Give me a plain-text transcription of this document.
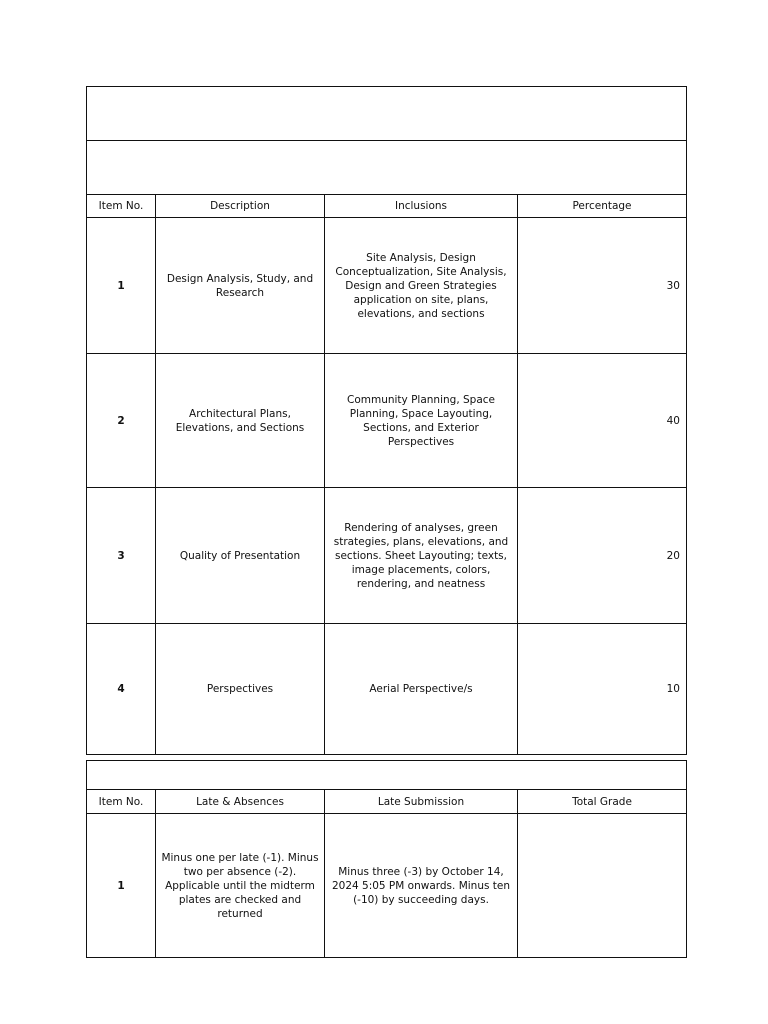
Item No.	Description	Inclusions	Percentage
1	Design Analysis, Study, and Research	Site Analysis, Design Conceptualization, Site Analysis, Design and Green Strategies application on site, plans, elevations, and sections	30
2	Architectural Plans, Elevations, and Sections	Community Planning, Space Planning, Space Layouting, Sections, and Exterior Perspectives	40
3	Quality of Presentation	Rendering of analyses, green strategies, plans, elevations, and sections. Sheet Layouting; texts, image placements, colors, rendering, and neatness	20
4	Perspectives	Aerial Perspective/s	10

Item No.	Late & Absences	Late Submission	Total Grade
1	Minus one per late (-1). Minus two per absence (-2). Applicable until the midterm plates are checked and returned	Minus three (-3) by October 14, 2024 5:05 PM onwards. Minus ten (-10) by succeeding days.	
